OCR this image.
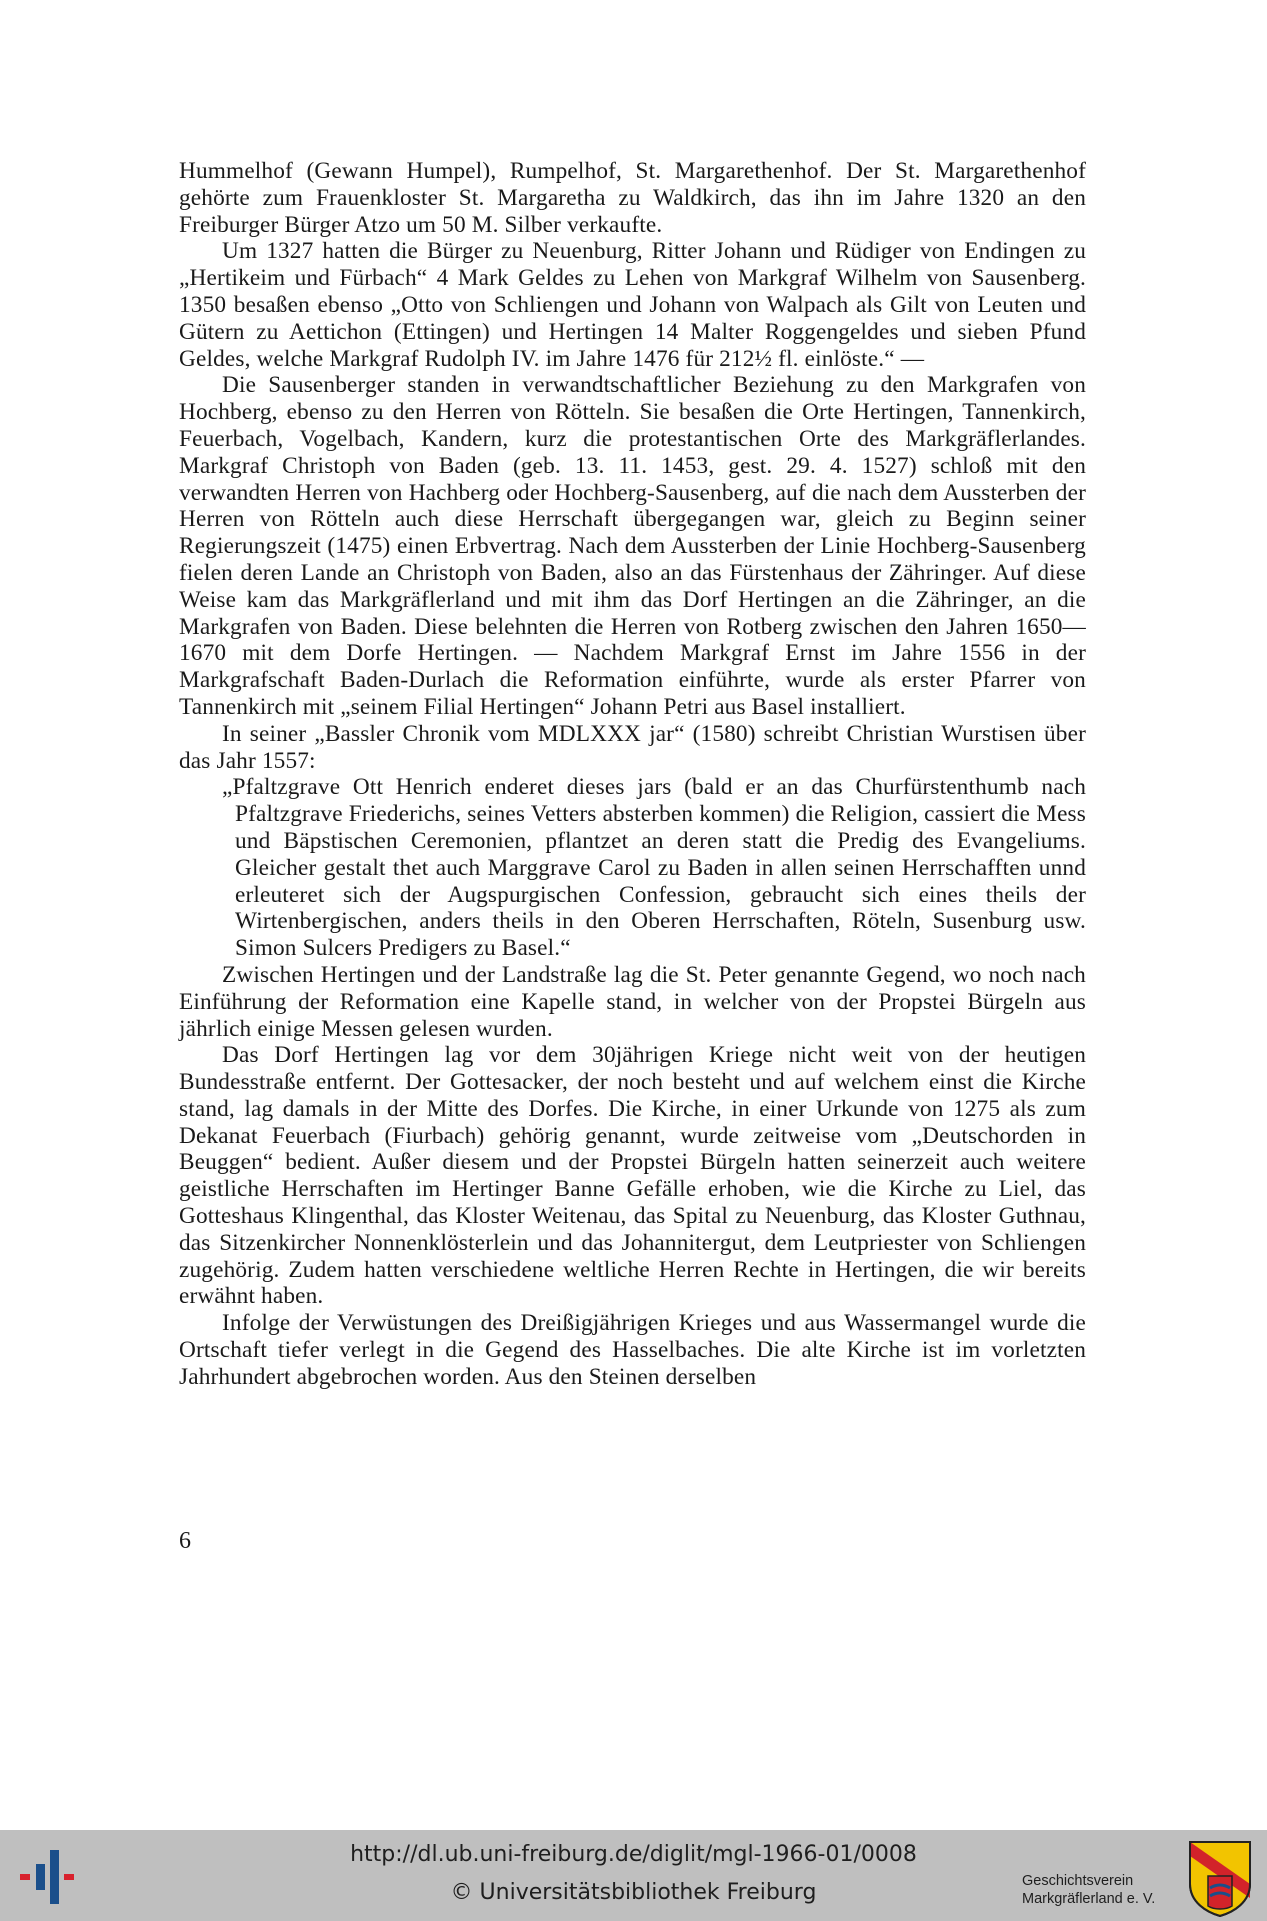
Hummelhof (Gewann Humpel), Rumpelhof, St. Margarethenhof. Der St. Margarethenhof gehörte zum Frauenkloster St. Margaretha zu Waldkirch, das ihn im Jahre 1320 an den Freiburger Bürger Atzo um 50 M. Silber verkaufte.

Um 1327 hatten die Bürger zu Neuenburg, Ritter Johann und Rüdiger von Endingen zu „Hertikeim und Fürbach“ 4 Mark Geldes zu Lehen von Markgraf Wilhelm von Sausenberg. 1350 besaßen ebenso „Otto von Schliengen und Johann von Walpach als Gilt von Leuten und Gütern zu Aettichon (Ettingen) und Hertingen 14 Malter Roggengeldes und sieben Pfund Geldes, welche Markgraf Rudolph IV. im Jahre 1476 für 212½ fl. einlöste.“ —

Die Sausenberger standen in verwandtschaftlicher Beziehung zu den Markgrafen von Hochberg, ebenso zu den Herren von Rötteln. Sie besaßen die Orte Hertingen, Tannenkirch, Feuerbach, Vogelbach, Kandern, kurz die protestantischen Orte des Markgräflerlandes. Markgraf Christoph von Baden (geb. 13. 11. 1453, gest. 29. 4. 1527) schloß mit den verwandten Herren von Hachberg oder Hochberg-Sausenberg, auf die nach dem Aussterben der Herren von Rötteln auch diese Herrschaft übergegangen war, gleich zu Beginn seiner Regierungszeit (1475) einen Erbvertrag. Nach dem Aussterben der Linie Hochberg-Sausenberg fielen deren Lande an Christoph von Baden, also an das Fürstenhaus der Zähringer. Auf diese Weise kam das Markgräflerland und mit ihm das Dorf Hertingen an die Zähringer, an die Markgrafen von Baden. Diese belehnten die Herren von Rotberg zwischen den Jahren 1650—1670 mit dem Dorfe Hertingen. — Nachdem Markgraf Ernst im Jahre 1556 in der Markgrafschaft Baden-Durlach die Reformation einführte, wurde als erster Pfarrer von Tannenkirch mit „seinem Filial Hertingen“ Johann Petri aus Basel installiert.

In seiner „Bassler Chronik vom MDLXXX jar“ (1580) schreibt Christian Wurstisen über das Jahr 1557:

„Pfaltzgrave Ott Henrich enderet dieses jars (bald er an das Churfürstenthumb nach Pfaltzgrave Friederichs, seines Vetters absterben kommen) die Religion, cassiert die Mess und Bäpstischen Ceremonien, pflantzet an deren statt die Predig des Evangeliums. Gleicher gestalt thet auch Marggrave Carol zu Baden in allen seinen Herrschafften unnd erleuteret sich der Augspurgischen Confession, gebraucht sich eines theils der Wirtenbergischen, anders theils in den Oberen Herrschaften, Röteln, Susenburg usw. Simon Sulcers Predigers zu Basel.“

Zwischen Hertingen und der Landstraße lag die St. Peter genannte Gegend, wo noch nach Einführung der Reformation eine Kapelle stand, in welcher von der Propstei Bürgeln aus jährlich einige Messen gelesen wurden.

Das Dorf Hertingen lag vor dem 30jährigen Kriege nicht weit von der heutigen Bundesstraße entfernt. Der Gottesacker, der noch besteht und auf welchem einst die Kirche stand, lag damals in der Mitte des Dorfes. Die Kirche, in einer Urkunde von 1275 als zum Dekanat Feuerbach (Fiurbach) gehörig genannt, wurde zeitweise vom „Deutschorden in Beuggen“ bedient. Außer diesem und der Propstei Bürgeln hatten seinerzeit auch weitere geistliche Herrschaften im Hertinger Banne Gefälle erhoben, wie die Kirche zu Liel, das Gotteshaus Klingenthal, das Kloster Weitenau, das Spital zu Neuenburg, das Kloster Guthnau, das Sitzenkircher Nonnenklösterlein und das Johannitergut, dem Leutpriester von Schliengen zugehörig. Zudem hatten verschiedene weltliche Herren Rechte in Hertingen, die wir bereits erwähnt haben.

Infolge der Verwüstungen des Dreißigjährigen Krieges und aus Wassermangel wurde die Ortschaft tiefer verlegt in die Gegend des Hasselbaches. Die alte Kirche ist im vorletzten Jahrhundert abgebrochen worden. Aus den Steinen derselben

6
http://dl.ub.uni-freiburg.de/diglit/mgl-1966-01/0008
© Universitätsbibliothek Freiburg	Geschichtsverein
Markgräflerland e. V.
